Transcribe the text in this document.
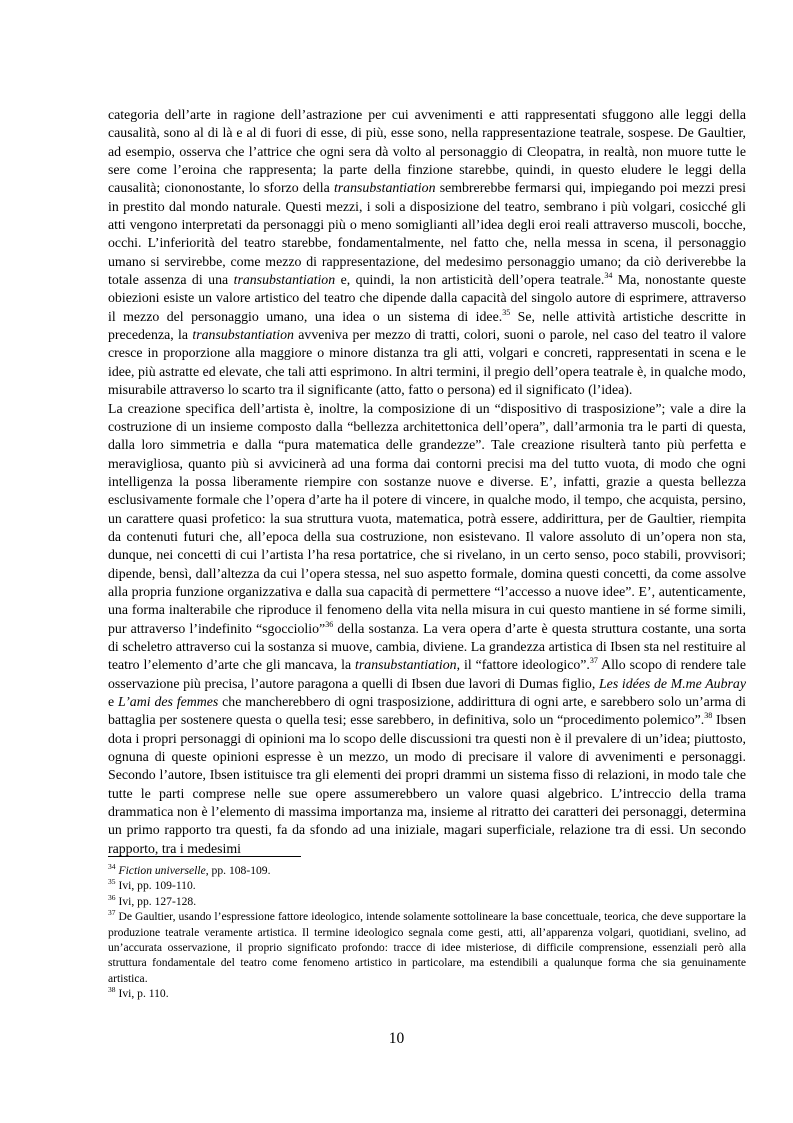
categoria dell’arte in ragione dell’astrazione per cui avvenimenti e atti rappresentati sfuggono alle leggi della causalità, sono al di là e al di fuori di esse, di più, esse sono, nella rappresentazione teatrale, sospese. De Gaultier, ad esempio, osserva che l’attrice che ogni sera dà volto al personaggio di Cleopatra, in realtà, non muore tutte le sere come l’eroina che rappresenta; la parte della finzione starebbe, quindi, in questo eludere le leggi della causalità; ciononostante, lo sforzo della transubstantiation sembrerebbe fermarsi qui, impiegando poi mezzi presi in prestito dal mondo naturale. Questi mezzi, i soli a disposizione del teatro, sembrano i più volgari, cosicché gli atti vengono interpretati da personaggi più o meno somiglianti all’idea degli eroi reali attraverso muscoli, bocche, occhi. L’inferiorità del teatro starebbe, fondamentalmente, nel fatto che, nella messa in scena, il personaggio umano si servirebbe, come mezzo di rappresentazione, del medesimo personaggio umano; da ciò deriverebbe la totale assenza di una transubstantiation e, quindi, la non artisticità dell’opera teatrale.$^{34}$ Ma, nonostante queste obiezioni esiste un valore artistico del teatro che dipende dalla capacità del singolo autore di esprimere, attraverso il mezzo del personaggio umano, una idea o un sistema di idee.$^{35}$ Se, nelle attività artistiche descritte in precedenza, la transubstantiation avveniva per mezzo di tratti, colori, suoni o parole, nel caso del teatro il valore cresce in proporzione alla maggiore o minore distanza tra gli atti, volgari e concreti, rappresentati in scena e le idee, più astratte ed elevate, che tali atti esprimono. In altri termini, il pregio dell’opera teatrale è, in qualche modo, misurabile attraverso lo scarto tra il significante (atto, fatto o persona) ed il significato (l’idea).

La creazione specifica dell’artista è, inoltre, la composizione di un “dispositivo di trasposizione”; vale a dire la costruzione di un insieme composto dalla “bellezza architettonica dell’opera”, dall’armonia tra le parti di questa, dalla loro simmetria e dalla “pura matematica delle grandezze”. Tale creazione risulterà tanto più perfetta e meravigliosa, quanto più si avvicinerà ad una forma dai contorni precisi ma del tutto vuota, di modo che ogni intelligenza la possa liberamente riempire con sostanze nuove e diverse. E’, infatti, grazie a questa bellezza esclusivamente formale che l’opera d’arte ha il potere di vincere, in qualche modo, il tempo, che acquista, persino, un carattere quasi profetico: la sua struttura vuota, matematica, potrà essere, addirittura, per de Gaultier, riempita da contenuti futuri che, all’epoca della sua costruzione, non esistevano. Il valore assoluto di un’opera non sta, dunque, nei concetti di cui l’artista l’ha resa portatrice, che si rivelano, in un certo senso, poco stabili, provvisori; dipende, bensì, dall’altezza da cui l’opera stessa, nel suo aspetto formale, domina questi concetti, da come assolve alla propria funzione organizzativa e dalla sua capacità di permettere “l’accesso a nuove idee”. E’, autenticamente, una forma inalterabile che riproduce il fenomeno della vita nella misura in cui questo mantiene in sé forme simili, pur attraverso l’indefinito “sgocciolio”$^{36}$ della sostanza. La vera opera d’arte è questa struttura costante, una sorta di scheletro attraverso cui la sostanza si muove, cambia, diviene. La grandezza artistica di Ibsen sta nel restituire al teatro l’elemento d’arte che gli mancava, la transubstantiation, il “fattore ideologico”.$^{37}$ Allo scopo di rendere tale osservazione più precisa, l’autore paragona a quelli di Ibsen due lavori di Dumas figlio, Les idées de M.me Aubray e L’ami des femmes che mancherebbero di ogni trasposizione, addirittura di ogni arte, e sarebbero solo un’arma di battaglia per sostenere questa o quella tesi; esse sarebbero, in definitiva, solo un “procedimento polemico”.$^{38}$ Ibsen dota i propri personaggi di opinioni ma lo scopo delle discussioni tra questi non è il prevalere di un’idea; piuttosto, ognuna di queste opinioni espresse è un mezzo, un modo di precisare il valore di avvenimenti e personaggi. Secondo l’autore, Ibsen istituisce tra gli elementi dei propri drammi un sistema fisso di relazioni, in modo tale che tutte le parti comprese nelle sue opere assumerebbero un valore quasi algebrico. L’intreccio della trama drammatica non è l’elemento di massima importanza ma, insieme al ritratto dei caratteri dei personaggi, determina un primo rapporto tra questi, fa da sfondo ad una iniziale, magari superficiale, relazione tra di essi. Un secondo rapporto, tra i medesimi

$^{34}$ Fiction universelle, pp. 108-109.

$^{35}$ Ivi, pp. 109-110.

$^{36}$ Ivi, pp. 127-128.

$^{37}$ De Gaultier, usando l’espressione fattore ideologico, intende solamente sottolineare la base concettuale, teorica, che deve supportare la produzione teatrale veramente artistica. Il termine ideologico segnala come gesti, atti, all’apparenza volgari, quotidiani, svelino, ad un’accurata osservazione, il proprio significato profondo: tracce di idee misteriose, di difficile comprensione, essenziali però alla struttura fondamentale del teatro come fenomeno artistico in particolare, ma estendibili a qualunque forma che sia genuinamente artistica.

$^{38}$ Ivi, p. 110.

10
